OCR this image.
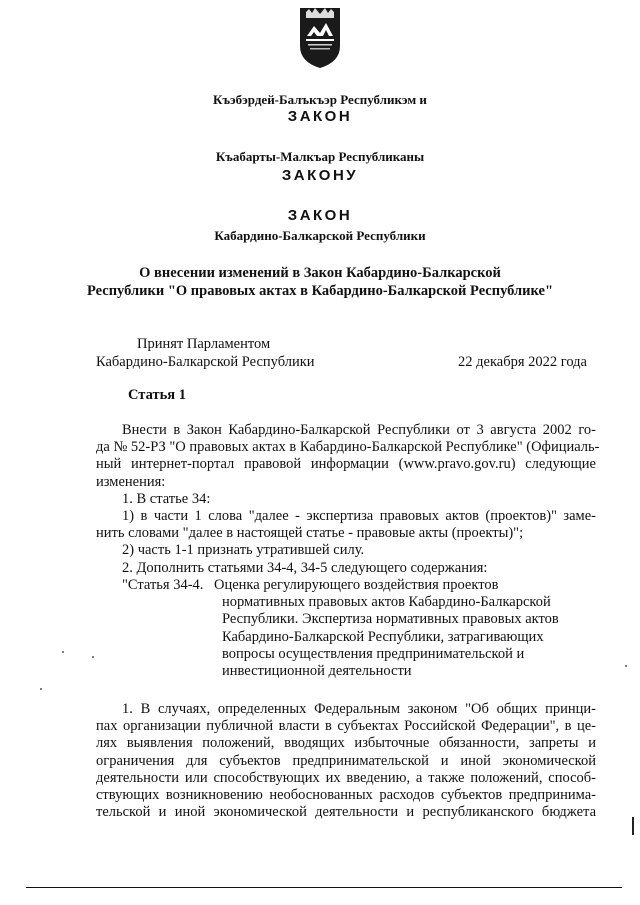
Къэбэрдей-Балъкъэр Республикэм и
ЗАКОН
Къабарты-Малкъар Республиканы
ЗАКОНУ
ЗАКОН
Кабардино-Балкарской Республики
О внесении изменений в Закон Кабардино-Балкарской
Республики "О правовых актах в Кабардино-Балкарской Республике"
Принят Парламентом
Кабардино-Балкарской Республики	22 декабря 2022 года
Статья 1
Внести в Закон Кабардино-Балкарской Республики от 3 августа 2002 го-
да № 52-РЗ "О правовых актах в Кабардино-Балкарской Республике" (Официаль-
ный интернет-портал правовой информации (www.pravo.gov.ru) следующие
изменения:
1. В статье 34:
1) в части 1 слова "далее - экспертиза правовых актов (проектов)" заме-
нить словами "далее в настоящей статье - правовые акты (проекты)";
2) часть 1-1 признать утратившей силу.
2. Дополнить статьями 34-4, 34-5 следующего содержания:
"Статья 34-4. Оценка регулирующего воздействия проектов
нормативных правовых актов Кабардино-Балкарской
Республики. Экспертиза нормативных правовых актов
Кабардино-Балкарской Республики, затрагивающих
вопросы осуществления предпринимательской и
инвестиционной деятельности
1. В случаях, определенных Федеральным законом "Об общих принци-
пах организации публичной власти в субъектах Российской Федерации", в це-
лях выявления положений, вводящих избыточные обязанности, запреты и
ограничения для субъектов предпринимательской и иной экономической
деятельности или способствующих их введению, а также положений, способ-
ствующих возникновению необоснованных расходов субъектов предпринима-
тельской и иной экономической деятельности и республиканского бюджета
